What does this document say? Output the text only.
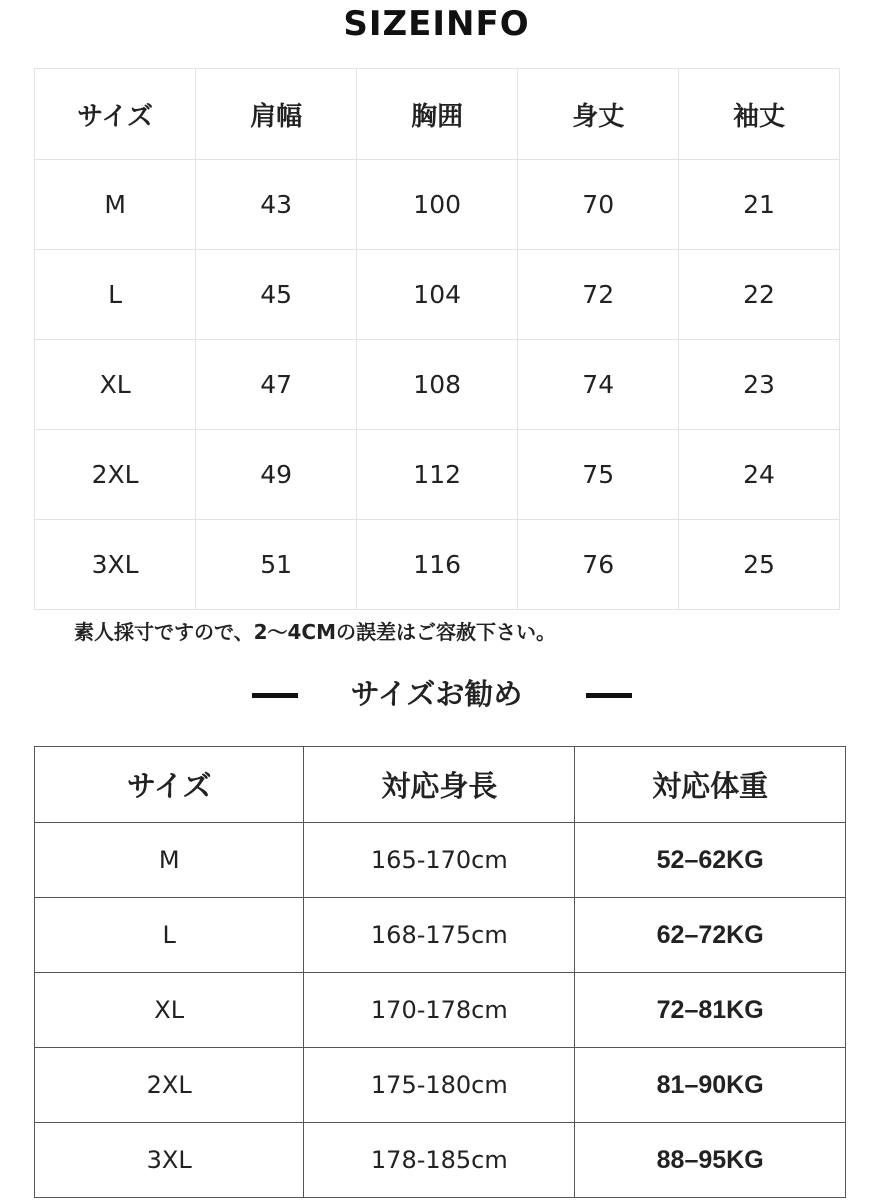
SIZEINFO
サイズ	肩幅	胸囲	身丈	袖丈
M	43	100	70	21
L	45	104	72	22
XL	47	108	74	23
2XL	49	112	75	24
3XL	51	116	76	25
素人採寸ですので、2～4CMの誤差はご容赦下さい。
サイズお勧め
サイズ	対応身長	対応体重
M	165-170cm	52–62KG
L	168-175cm	62–72KG
XL	170-178cm	72–81KG
2XL	175-180cm	81–90KG
3XL	178-185cm	88–95KG
